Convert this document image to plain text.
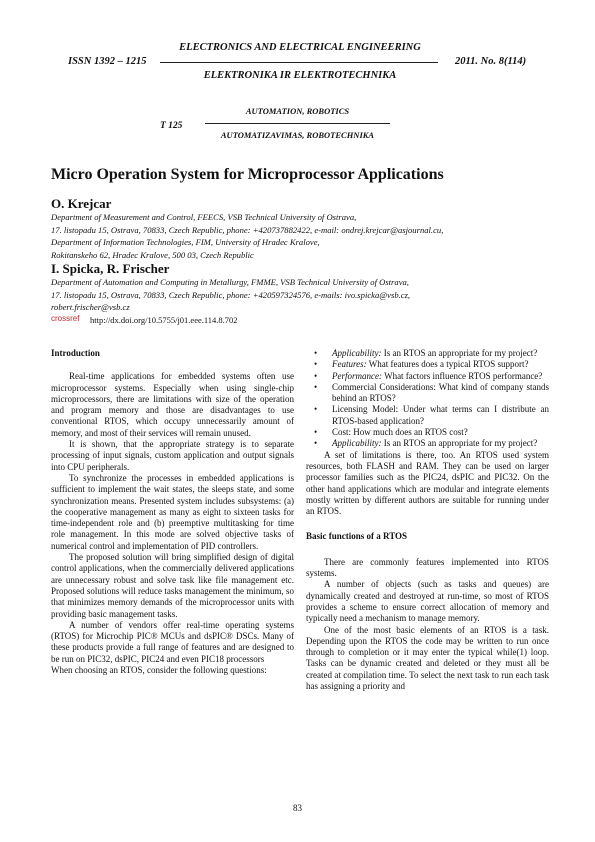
ELECTRONICS AND ELECTRICAL ENGINEERING
ISSN 1392 – 1215	2011. No. 8(114)
ELEKTRONIKA IR ELEKTROTECHNIKA
T 125
AUTOMATION, ROBOTICS
AUTOMATIZAVIMAS, ROBOTECHNIKA
Micro Operation System for Microprocessor Applications
O. Krejcar
Department of Measurement and Control, FEECS, VSB Technical University of Ostrava,
17. listopadu 15, Ostrava, 70833, Czech Republic, phone: +420737882422, e-mail: ondrej.krejcar@asjournal.cu,
Department of Information Technologies, FIM, University of Hradec Kralove,
Rokitanskeho 62, Hradec Kralove, 500 03, Czech Republic
I. Spicka, R. Frischer
Department of Automation and Computing in Metallurgy, FMME, VSB Technical University of Ostrava,
17. listopadu 15, Ostrava, 70833, Czech Republic, phone: +420597324576, e-mails: ivo.spicka@vsb.cz,
robert.frischer@vsb.cz
crossref http://dx.doi.org/10.5755/j01.eee.114.8.702

Introduction

Real-time applications for embedded systems often use microprocessor systems. Especially when using single-chip microprocessors, there are limitations with size of the operation and program memory and those are disadvantages to use conventional RTOS, which occupy unnecessarily amount of memory, and most of their services will remain unused.

It is shown, that the appropriate strategy is to separate processing of input signals, custom application and output signals into CPU peripherals.

To synchronize the processes in embedded applications is sufficient to implement the wait states, the sleeps state, and some synchronization means. Presented system includes subsystems: (a) the cooperative management as many as eight to sixteen tasks for time-independent role and (b) preemptive multitasking for time role management. In this mode are solved objective tasks of numerical control and implementation of PID controllers.

The proposed solution will bring simplified design of digital control applications, when the commercially delivered applications are unnecessary robust and solve task like file management etc. Proposed solutions will reduce tasks management the minimum, so that minimizes memory demands of the microprocessor units with providing basic management tasks.

A number of vendors offer real-time operating systems (RTOS) for Microchip PIC® MCUs and dsPIC® DSCs. Many of these products provide a full range of features and are designed to be run on PIC32, dsPIC, PIC24 and even PIC18 processors

When choosing an RTOS, consider the following questions:

• Applicability: Is an RTOS an appropriate for my project?
• Features: What features does a typical RTOS support?
• Performance: What factors influence RTOS performance?
• Commercial Considerations: What kind of company stands behind an RTOS?
• Licensing Model: Under what terms can I distribute an RTOS-based application?
• Cost: How much does an RTOS cost?
• Applicability: Is an RTOS an appropriate for my project?

A set of limitations is there, too. An RTOS used system resources, both FLASH and RAM. They can be used on larger processor families such as the PIC24, dsPIC and PIC32. On the other hand applications which are modular and integrate elements mostly written by different authors are suitable for running under an RTOS.

Basic functions of a RTOS

There are commonly features implemented into RTOS systems.

A number of objects (such as tasks and queues) are dynamically created and destroyed at run-time, so most of RTOS provides a scheme to ensure correct allocation of memory and typically need a mechanism to manage memory.

One of the most basic elements of an RTOS is a task. Depending upon the RTOS the code may be written to run once through to completion or it may enter the typical while(1) loop. Tasks can be dynamic created and deleted or they must all be created at compilation time. To select the next task to run each task has assigning a priority and

83
